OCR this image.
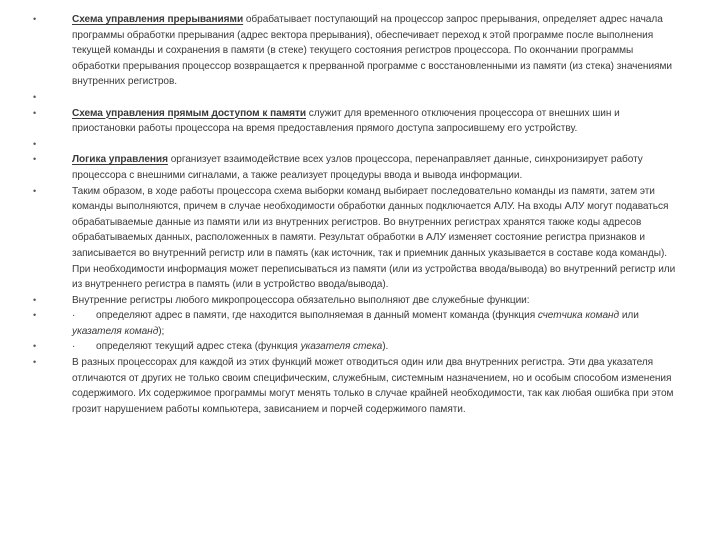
•	Схема управления прерываниями обрабатывает поступающий на процессор запрос прерывания, определяет адрес начала программы обработки прерывания (адрес вектора прерывания), обеспечивает переход к этой программе после выполнения текущей команды и сохранения в памяти (в стеке) текущего состояния регистров процессора. По окончании программы обработки прерывания процессор возвращается к прерванной программе с восстановленными из памяти (из стека) значениями внутренних регистров.
•
•	Схема управления прямым доступом к памяти служит для временного отключения процессора от внешних шин и приостановки работы процессора на время предоставления прямого доступа запросившему его устройству.
•
•	Логика управления организует взаимодействие всех узлов процессора, перенаправляет данные, синхронизирует работу процессора с внешними сигналами, а также реализует процедуры ввода и вывода информации.
•	Таким образом, в ходе работы процессора схема выборки команд выбирает последовательно команды из памяти, затем эти команды выполняются, причем в случае необходимости обработки данных подключается АЛУ. На входы АЛУ могут подаваться обрабатываемые данные из памяти или из внутренних регистров. Во внутренних регистрах хранятся также коды адресов обрабатываемых данных, расположенных в памяти. Результат обработки в АЛУ изменяет состояние регистра признаков и записывается во внутренний регистр или в память (как источник, так и приемник данных указывается в составе кода команды). При необходимости информация может переписываться из памяти (или из устройства ввода/вывода) во внутренний регистр или из внутреннего регистра в память (или в устройство ввода/вывода).
•	Внутренние регистры любого микропроцессора обязательно выполняют две служебные функции:
•	· определяют адрес в памяти, где находится выполняемая в данный момент команда (функция счетчика команд или указателя команд);
•	· определяют текущий адрес стека (функция указателя стека).
•	В разных процессорах для каждой из этих функций может отводиться один или два внутренних регистра. Эти два указателя отличаются от других не только своим специфическим, служебным, системным назначением, но и особым способом изменения содержимого. Их содержимое программы могут менять только в случае крайней необходимости, так как любая ошибка при этом грозит нарушением работы компьютера, зависанием и порчей содержимого памяти.
